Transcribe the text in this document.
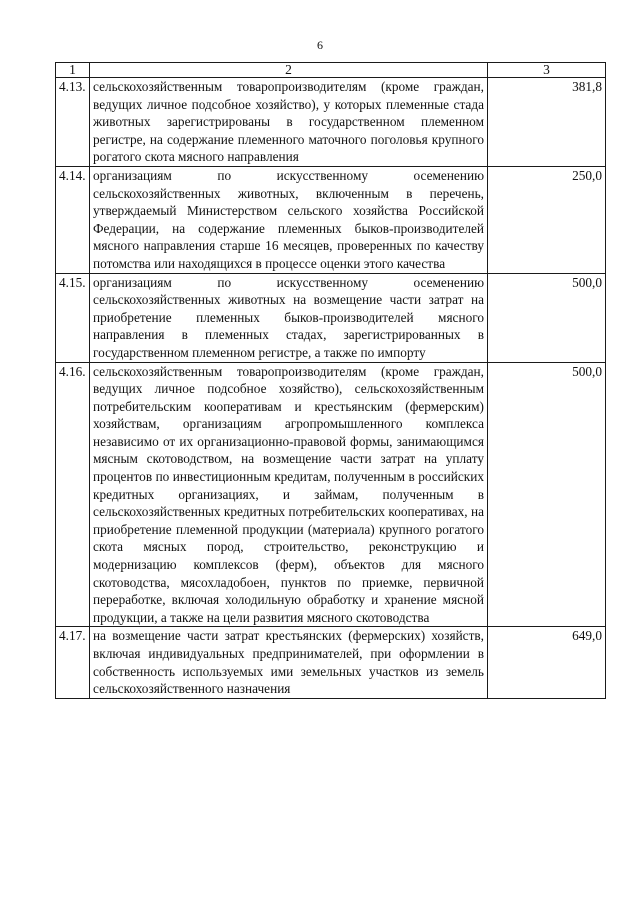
6
1	2	3
4.13.	сельскохозяйственным товаропроизводителям (кроме граждан, ведущих личное подсобное хозяйство), у которых племенные стада животных зарегистрированы в государственном племенном регистре, на содержание племенного маточного поголовья крупного рогатого скота мясного направления	381,8
4.14.	организациям по искусственному осеменению сельскохозяйственных животных, включенным в перечень, утверждаемый Министерством сельского хозяйства Российской Федерации, на содержание племенных быков-производителей мясного направления старше 16 месяцев, проверенных по качеству потомства или находящихся в процессе оценки этого качества	250,0
4.15.	организациям по искусственному осеменению сельскохозяйственных животных на возмещение части затрат на приобретение племенных быков-производителей мясного направления в племенных стадах, зарегистрированных в государственном племенном регистре, а также по импорту	500,0
4.16.	сельскохозяйственным товаропроизводителям (кроме граждан, ведущих личное подсобное хозяйство), сельскохозяйственным потребительским кооперативам и крестьянским (фермерским) хозяйствам, организациям агропромышленного комплекса независимо от их организационно-правовой формы, занимающимся мясным скотоводством, на возмещение части затрат на уплату процентов по инвестиционным кредитам, полученным в российских кредитных организациях, и займам, полученным в сельскохозяйственных кредитных потребительских кооперативах, на приобретение племенной продукции (материала) крупного рогатого скота мясных пород, строительство, реконструкцию и модернизацию комплексов (ферм), объектов для мясного скотоводства, мясохладобоен, пунктов по приемке, первичной переработке, включая холодильную обработку и хранение мясной продукции, а также на цели развития мясного скотоводства	500,0
4.17.	на возмещение части затрат крестьянских (фермерских) хозяйств, включая индивидуальных предпринимателей, при оформлении в собственность используемых ими земельных участков из земель сельскохозяйственного назначения	649,0
